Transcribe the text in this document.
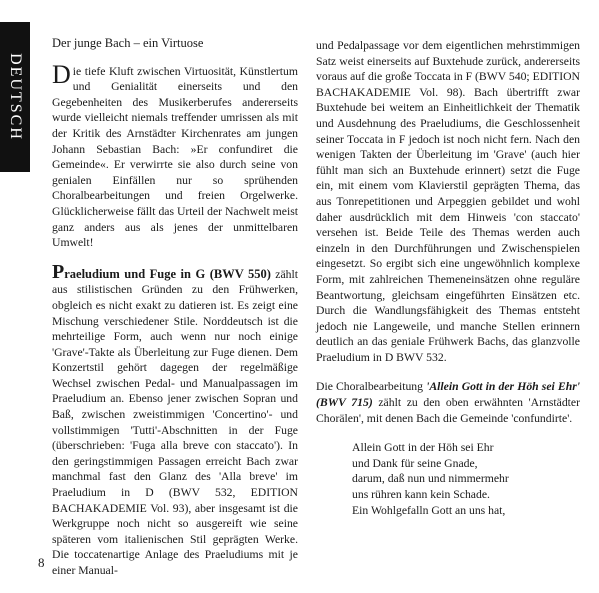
DEUTSCH
Der junge Bach – ein Virtuose

Die tiefe Kluft zwischen Virtuosität, Künstlertum und Genialität einerseits und den Gegebenheiten des Musikerberufes andererseits wurde vielleicht niemals treffender umrissen als mit der Kritik des Arnstädter Kirchenrates am jungen Johann Sebastian Bach: »Er confundiret die Gemeinde«. Er verwirrte sie also durch seine von genialen Einfällen nur so sprühenden Choralbearbeitungen und freien Orgelwerke. Glücklicherweise fällt das Urteil der Nachwelt meist ganz anders aus als jenes der unmittelbaren Umwelt!

Praeludium und Fuge in G (BWV 550) zählt aus stilistischen Gründen zu den Frühwerken, obgleich es nicht exakt zu datieren ist. Es zeigt eine Mischung verschiedener Stile. Norddeutsch ist die mehrteilige Form, auch wenn nur noch einige 'Grave'-Takte als Überleitung zur Fuge dienen. Dem Konzertstil gehört dagegen der regelmäßige Wechsel zwischen Pedal- und Manualpassagen im Praeludium an. Ebenso jener zwischen Sopran und Baß, zwischen zweistimmigen 'Concertino'- und vollstimmigen 'Tutti'-Abschnitten in der Fuge (überschrieben: 'Fuga alla breve con staccato'). In den geringstimmigen Passagen erreicht Bach zwar manchmal fast den Glanz des 'Alla breve' im Praeludium in D (BWV 532, EDITION BACHAKADEMIE Vol. 93), aber insgesamt ist die Werkgruppe noch nicht so ausgereift wie seine späteren vom italienischen Stil geprägten Werke. Die toccatenartige Anlage des Praeludiums mit je einer Manual-

und Pedalpassage vor dem eigentlichen mehrstimmigen Satz weist einerseits auf Buxtehude zurück, andererseits voraus auf die große Toccata in F (BWV 540; EDITION BACHAKADEMIE Vol. 98). Bach übertrifft zwar Buxtehude bei weitem an Einheitlichkeit der Thematik und Ausdehnung des Praeludiums, die Geschlossenheit seiner Toccata in F jedoch ist noch nicht fern. Nach den wenigen Takten der Überleitung im 'Grave' (auch hier fühlt man sich an Buxtehude erinnert) setzt die Fuge ein, mit einem vom Klavierstil geprägten Thema, das aus Tonrepetitionen und Arpeggien gebildet und wohl daher ausdrücklich mit dem Hinweis 'con staccato' versehen ist. Beide Teile des Themas werden auch einzeln in den Durchführungen und Zwischenspielen eingesetzt. So ergibt sich eine ungewöhnlich komplexe Form, mit zahlreichen Themeneinsätzen ohne reguläre Beantwortung, gleichsam eingeführten Einsätzen etc. Durch die Wandlungsfähigkeit des Themas entsteht jedoch nie Langeweile, und manche Stellen erinnern deutlich an das geniale Frühwerk Bachs, das glanzvolle Praeludium in D BWV 532.

Die Choralbearbeitung 'Allein Gott in der Höh sei Ehr' (BWV 715) zählt zu den oben erwähnten 'Arnstädter Chorälen', mit denen Bach die Gemeinde 'confundirte'.

Allein Gott in der Höh sei Ehr
und Dank für seine Gnade,
darum, daß nun und nimmermehr
uns rühren kann kein Schade.
Ein Wohlgefalln Gott an uns hat,
8
